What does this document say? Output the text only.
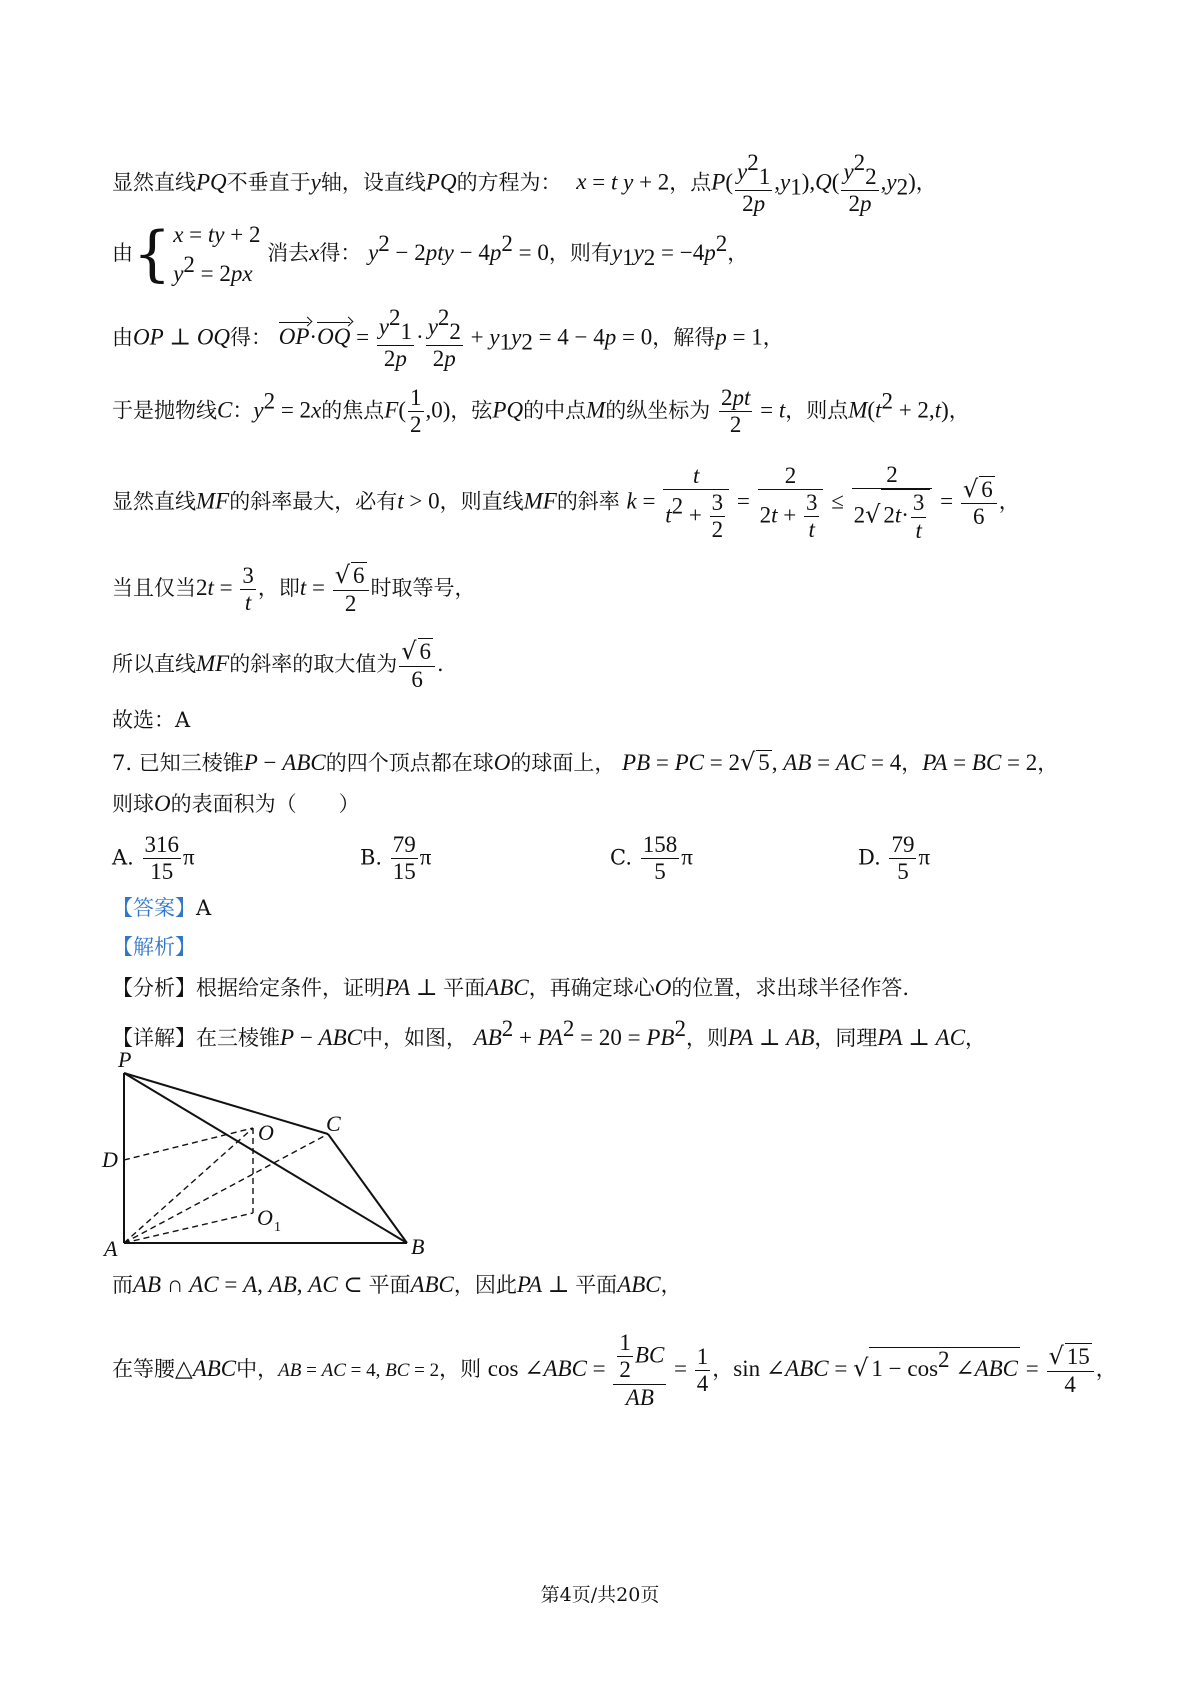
显然直线PQ不垂直于y轴，设直线PQ的方程为： x = t y + 2，点$P( \frac{y^2_1}{2p} ,y_1),Q( \frac{y^2_2}{2p} ,y_2)$，
由{ x = ty + 2
$y^2 = 2px$
消去x得： $y^2 - 2pty - 4p^2 = 0$，则有$y_1y_2 = -4p^2$，
由OP ⊥ OQ得： $OP\cdot OQ = \frac{y^2_1}{2p} \cdot \frac{y^2_2}{2p} + y_1y_2 = 4 - 4p = 0$，解得p = 1，
于是抛物线C：$y^2 = 2x$的焦点$F( \frac{1}{2} ,0)$，弦PQ的中点M的纵坐标为 $\frac{2pt}{2} = t$，则点$M(t^2 + 2,t)$，
显然直线MF的斜率最大，必有t > 0，则直线MF的斜率 $k = \frac{t}{t^2 + \frac{3}{2}} = \frac{2}{2t + \frac{3}{t}} \le \frac{2}{2√ 2t\cdot \frac{3}{t}} = \frac{√ 6}{6}$ ，
当且仅当$2t = \frac{3}{t}$ ，即$t = \frac{√ 6}{2}$ 时取等号，
所以直线MF的斜率的取大值为 $\frac{√ 6}{6}$ .
故选：A
7. 已知三棱锥P − ABC的四个顶点都在球O的球面上， PB = PC = 2√ 5, AB = AC = 4，PA = BC = 2，
则球O的表面积为（　　）
A. $\frac{316}{15}$ π	B. $\frac{79}{15}$ π	C. $\frac{158}{5}$ π	D. $\frac{79}{5}$ π
【答案】A
【解析】
【分析】根据给定条件，证明PA ⊥ 平面ABC，再确定球心O的位置，求出球半径作答.
【详解】在三棱锥P − ABC中，如图， $AB^2 + PA^2 = 20 = PB^2$，则PA ⊥ AB，同理PA ⊥ AC，
P
C
O
D
O 1
A	B
而AB ∩ AC = A, AB, AC ⊂ 平面ABC，因此PA ⊥ 平面ABC，
在等腰△ABC中，AB = AC = 4, BC = 2，则 cos ∠ABC = $\frac{\frac{1}{2} BC}{AB} = \frac{1}{4}$ ，sin ∠ABC = √ $1 - \cos^2$ ∠ABC = $\frac{√ 15}{4}$ ，
第4页/共20页
